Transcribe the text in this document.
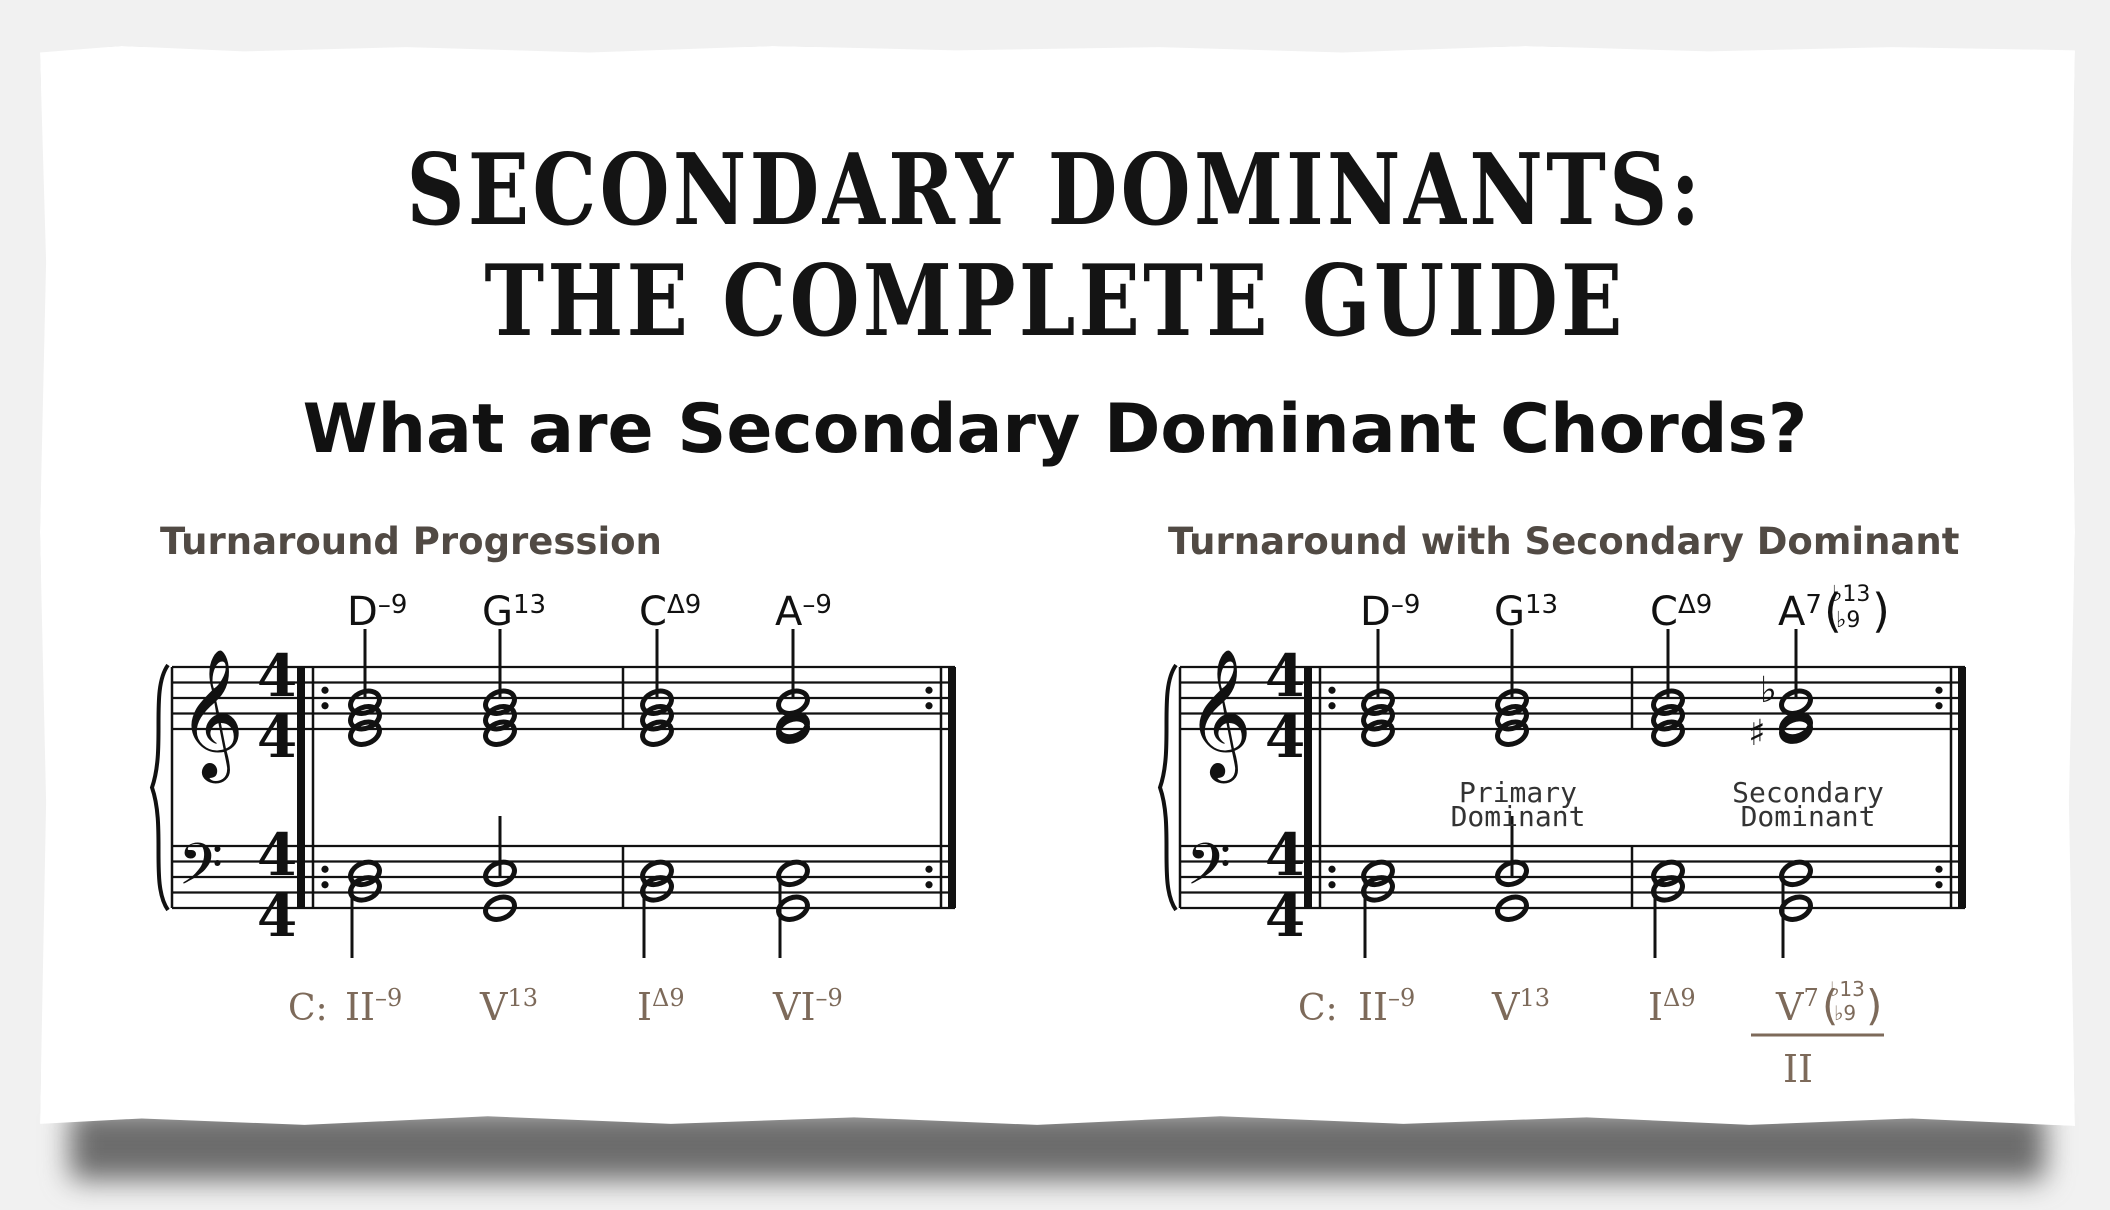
SECONDARY DOMINANTS:
THE COMPLETE GUIDE
What are Secondary Dominant Chords?
Turnaround Progression	Turnaround with Secondary Dominant
𝄞
𝄢
4
4
4
4
$D^{-9}$
$II^{-9}$
$G^{13}$
$V^{13}$
$C^{\Delta 9}$
$I^{\Delta 9}$
$A^{-9}$
$VI^{-9}$
C:
𝄞
𝄢
4
4
4
4
$D^{-9}$
$II^{-9}$
$G^{13}$
$V^{13}$
$C^{\Delta 9}$
$I^{\Delta 9}$
♭
♯
$A^7$ ♭13
♭9
( )
$V^7$ ♭13
♭9
( )
II
C:
Primary
Dominant
Secondary
Dominant
